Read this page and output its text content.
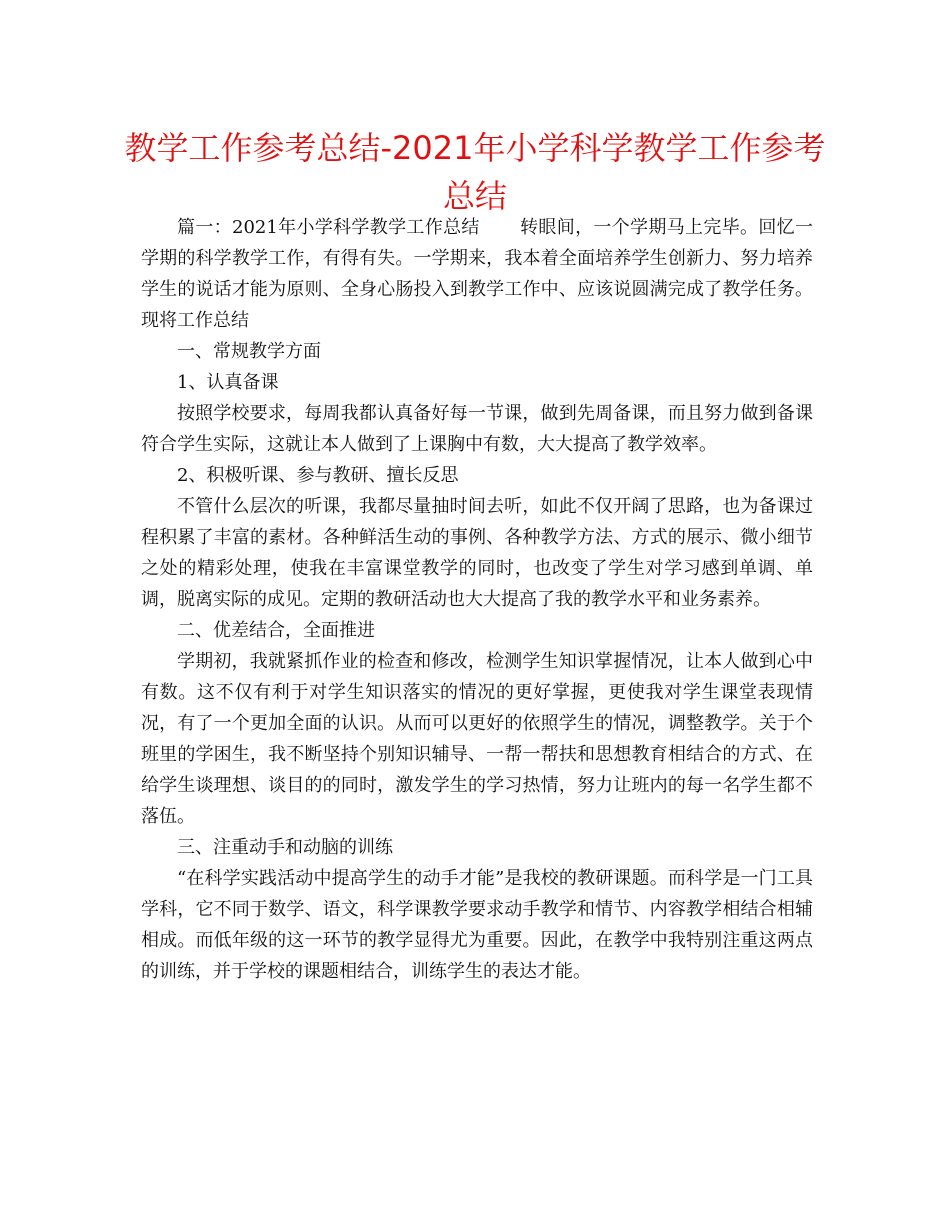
教学工作参考总结-2021年小学科学教学工作参考总结

篇一：2021年小学科学教学工作总结 转眼间，一个学期马上完毕。回忆一学期的科学教学工作，有得有失。一学期来，我本着全面培养学生创新力、努力培养学生的说话才能为原则、全身心肠投入到教学工作中、应该说圆满完成了教学任务。现将工作总结

一、常规教学方面

1、认真备课

按照学校要求，每周我都认真备好每一节课，做到先周备课，而且努力做到备课符合学生实际，这就让本人做到了上课胸中有数，大大提高了教学效率。

2、积极听课、参与教研、擅长反思

不管什么层次的听课，我都尽量抽时间去听，如此不仅开阔了思路，也为备课过程积累了丰富的素材。各种鲜活生动的事例、各种教学方法、方式的展示、微小细节之处的精彩处理，使我在丰富课堂教学的同时，也改变了学生对学习感到单调、单调，脱离实际的成见。定期的教研活动也大大提高了我的教学水平和业务素养。

二、优差结合，全面推进

学期初，我就紧抓作业的检查和修改，检测学生知识掌握情况，让本人做到心中有数。这不仅有利于对学生知识落实的情况的更好掌握，更使我对学生课堂表现情况，有了一个更加全面的认识。从而可以更好的依照学生的情况，调整教学。关于个班里的学困生，我不断坚持个别知识辅导、一帮一帮扶和思想教育相结合的方式、在给学生谈理想、谈目的的同时，激发学生的学习热情，努力让班内的每一名学生都不落伍。

三、注重动手和动脑的训练

“在科学实践活动中提高学生的动手才能”是我校的教研课题。而科学是一门工具学科，它不同于数学、语文，科学课教学要求动手教学和情节、内容教学相结合相辅相成。而低年级的这一环节的教学显得尤为重要。因此，在教学中我特别注重这两点的训练，并于学校的课题相结合，训练学生的表达才能。
